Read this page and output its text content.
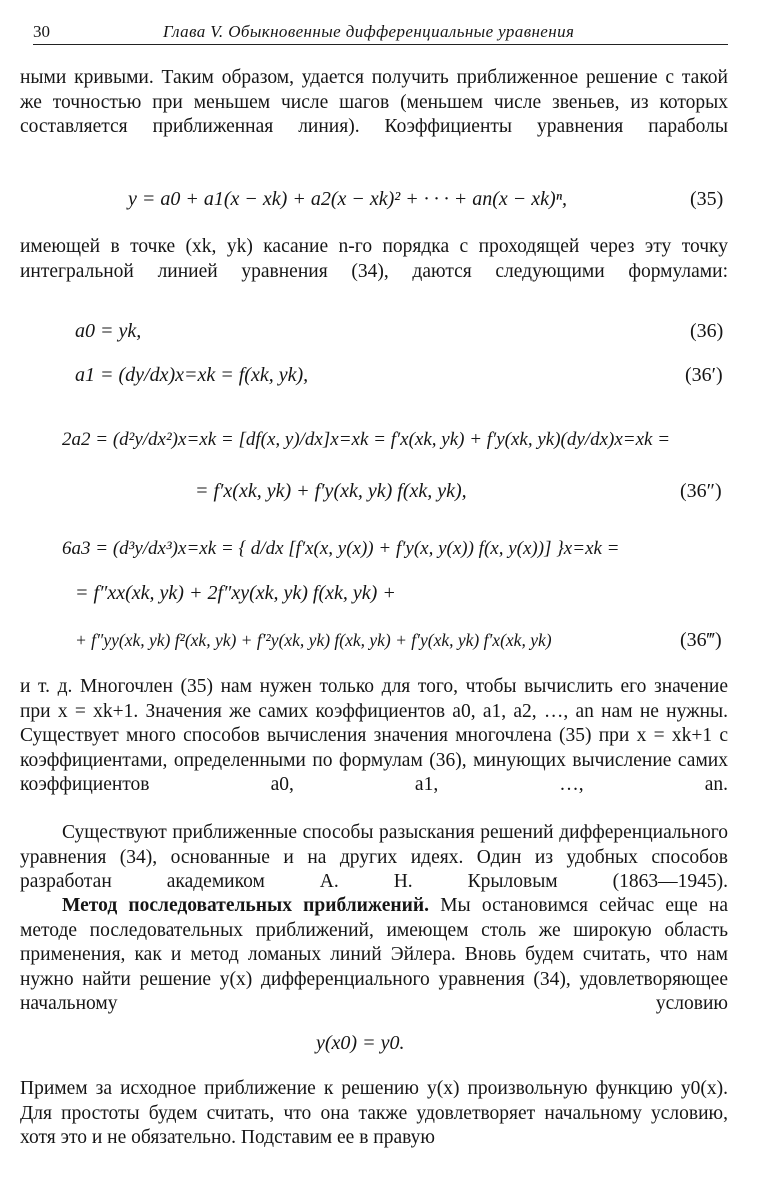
30	Глава V. Обыкновенные дифференциальные уравнения
ными кривыми. Таким образом, удается получить приближенное решение с такой же точностью при меньшем числе шагов (меньшем числе звеньев, из которых составляется приближенная линия). Коэффициенты уравнения параболы
y = a0 + a1(x − xk) + a2(x − xk)² + · · · + an(x − xk)ⁿ,	(35)
имеющей в точке (xk, yk) касание n-го порядка с проходящей через эту точку интегральной линией уравнения (34), даются следующими формулами:
a0 = yk,	(36)
a1 = (dy/dx)x=xk = f(xk, yk),	(36′)
2a2 = (d²y/dx²)x=xk = [df(x, y)/dx]x=xk = f′x(xk, yk) + f′y(xk, yk)(dy/dx)x=xk =
= f′x(xk, yk) + f′y(xk, yk) f(xk, yk),	(36″)
6a3 = (d³y/dx³)x=xk = { d/dx [f′x(x, y(x)) + f′y(x, y(x)) f(x, y(x))] }x=xk =
= f″xx(xk, yk) + 2f″xy(xk, yk) f(xk, yk) +
+ f″yy(xk, yk) f²(xk, yk) + f′²y(xk, yk) f(xk, yk) + f′y(xk, yk) f′x(xk, yk)	(36‴)
и т. д. Многочлен (35) нам нужен только для того, чтобы вычислить его значение при x = xk+1. Значения же самих коэффициентов a0, a1, a2, …, an нам не нужны. Существует много способов вычисления значения многочлена (35) при x = xk+1 с коэффициентами, определенными по формулам (36), минующих вычисление самих коэффициентов a0, a1, …, an.
Существуют приближенные способы разыскания решений дифференциального уравнения (34), основанные и на других идеях. Один из удобных способов разработан академиком А. Н. Крыловым (1863—1945).
Метод последовательных приближений. Мы остановимся сейчас еще на методе последовательных приближений, имеющем столь же широкую область применения, как и метод ломаных линий Эйлера. Вновь будем считать, что нам нужно найти решение y(x) дифференциального уравнения (34), удовлетворяющее начальному условию
y(x0) = y0.
Примем за исходное приближение к решению y(x) произвольную функцию y0(x). Для простоты будем считать, что она также удовлетворяет начальному условию, хотя это и не обязательно. Подставим ее в правую
